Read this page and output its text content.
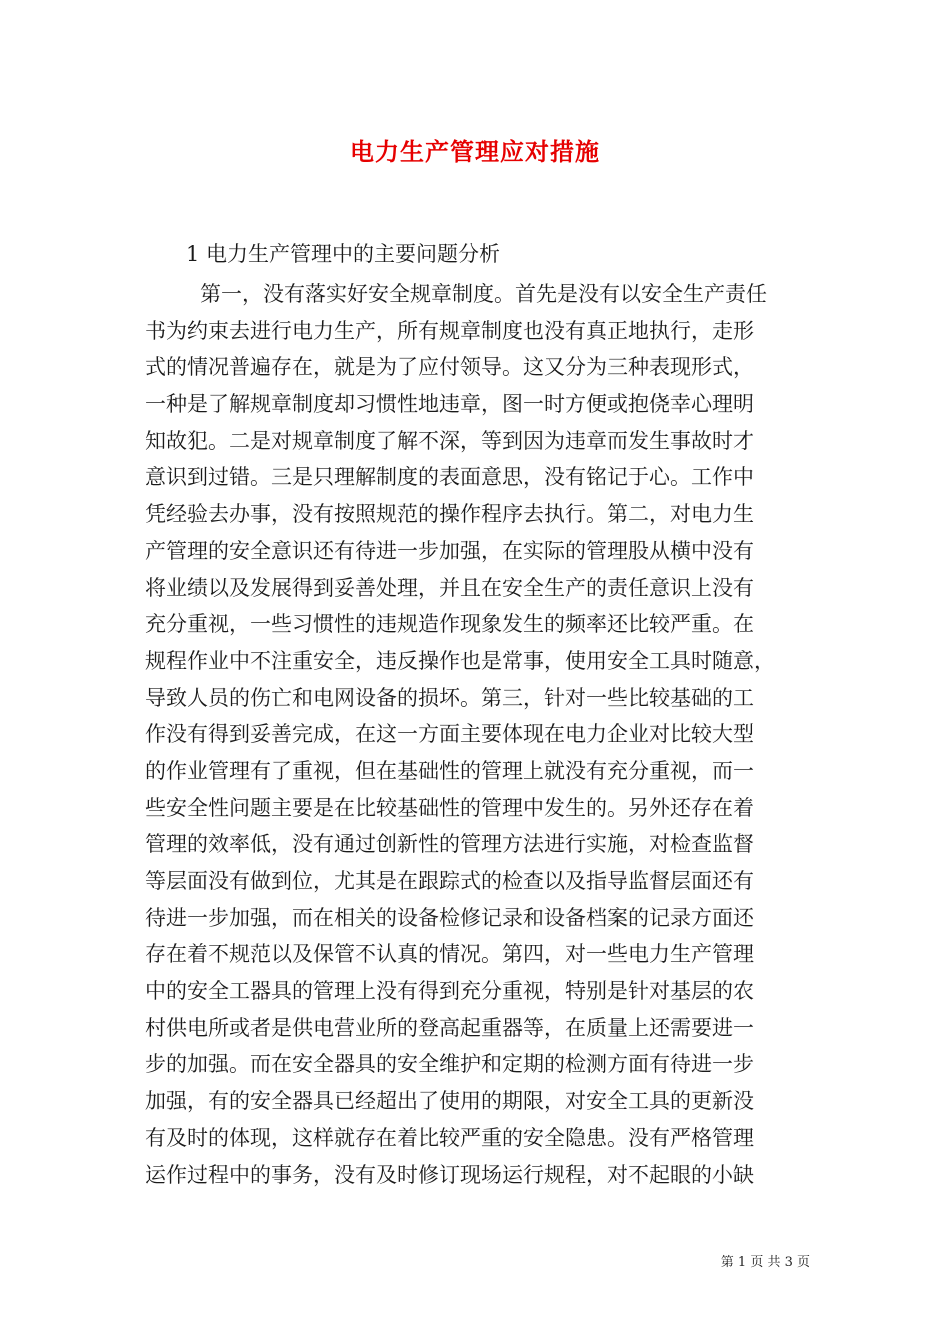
电力生产管理应对措施

1 电力生产管理中的主要问题分析

第一，没有落实好安全规章制度。首先是没有以安全生产责任
书为约束去进行电力生产，所有规章制度也没有真正地执行，走形
式的情况普遍存在，就是为了应付领导。这又分为三种表现形式，
一种是了解规章制度却习惯性地违章，图一时方便或抱侥幸心理明
知故犯。二是对规章制度了解不深，等到因为违章而发生事故时才
意识到过错。三是只理解制度的表面意思，没有铭记于心。工作中
凭经验去办事，没有按照规范的操作程序去执行。第二，对电力生
产管理的安全意识还有待进一步加强，在实际的管理股从横中没有
将业绩以及发展得到妥善处理，并且在安全生产的责任意识上没有
充分重视，一些习惯性的违规造作现象发生的频率还比较严重。在
规程作业中不注重安全，违反操作也是常事，使用安全工具时随意，
导致人员的伤亡和电网设备的损坏。第三，针对一些比较基础的工
作没有得到妥善完成，在这一方面主要体现在电力企业对比较大型
的作业管理有了重视，但在基础性的管理上就没有充分重视，而一
些安全性问题主要是在比较基础性的管理中发生的。另外还存在着
管理的效率低，没有通过创新性的管理方法进行实施，对检查监督
等层面没有做到位，尤其是在跟踪式的检查以及指导监督层面还有
待进一步加强，而在相关的设备检修记录和设备档案的记录方面还
存在着不规范以及保管不认真的情况。第四，对一些电力生产管理
中的安全工器具的管理上没有得到充分重视，特别是针对基层的农
村供电所或者是供电营业所的登高起重器等，在质量上还需要进一
步的加强。而在安全器具的安全维护和定期的检测方面有待进一步
加强，有的安全器具已经超出了使用的期限，对安全工具的更新没
有及时的体现，这样就存在着比较严重的安全隐患。没有严格管理
运作过程中的事务，没有及时修订现场运行规程，对不起眼的小缺
第 1 页 共 3 页
